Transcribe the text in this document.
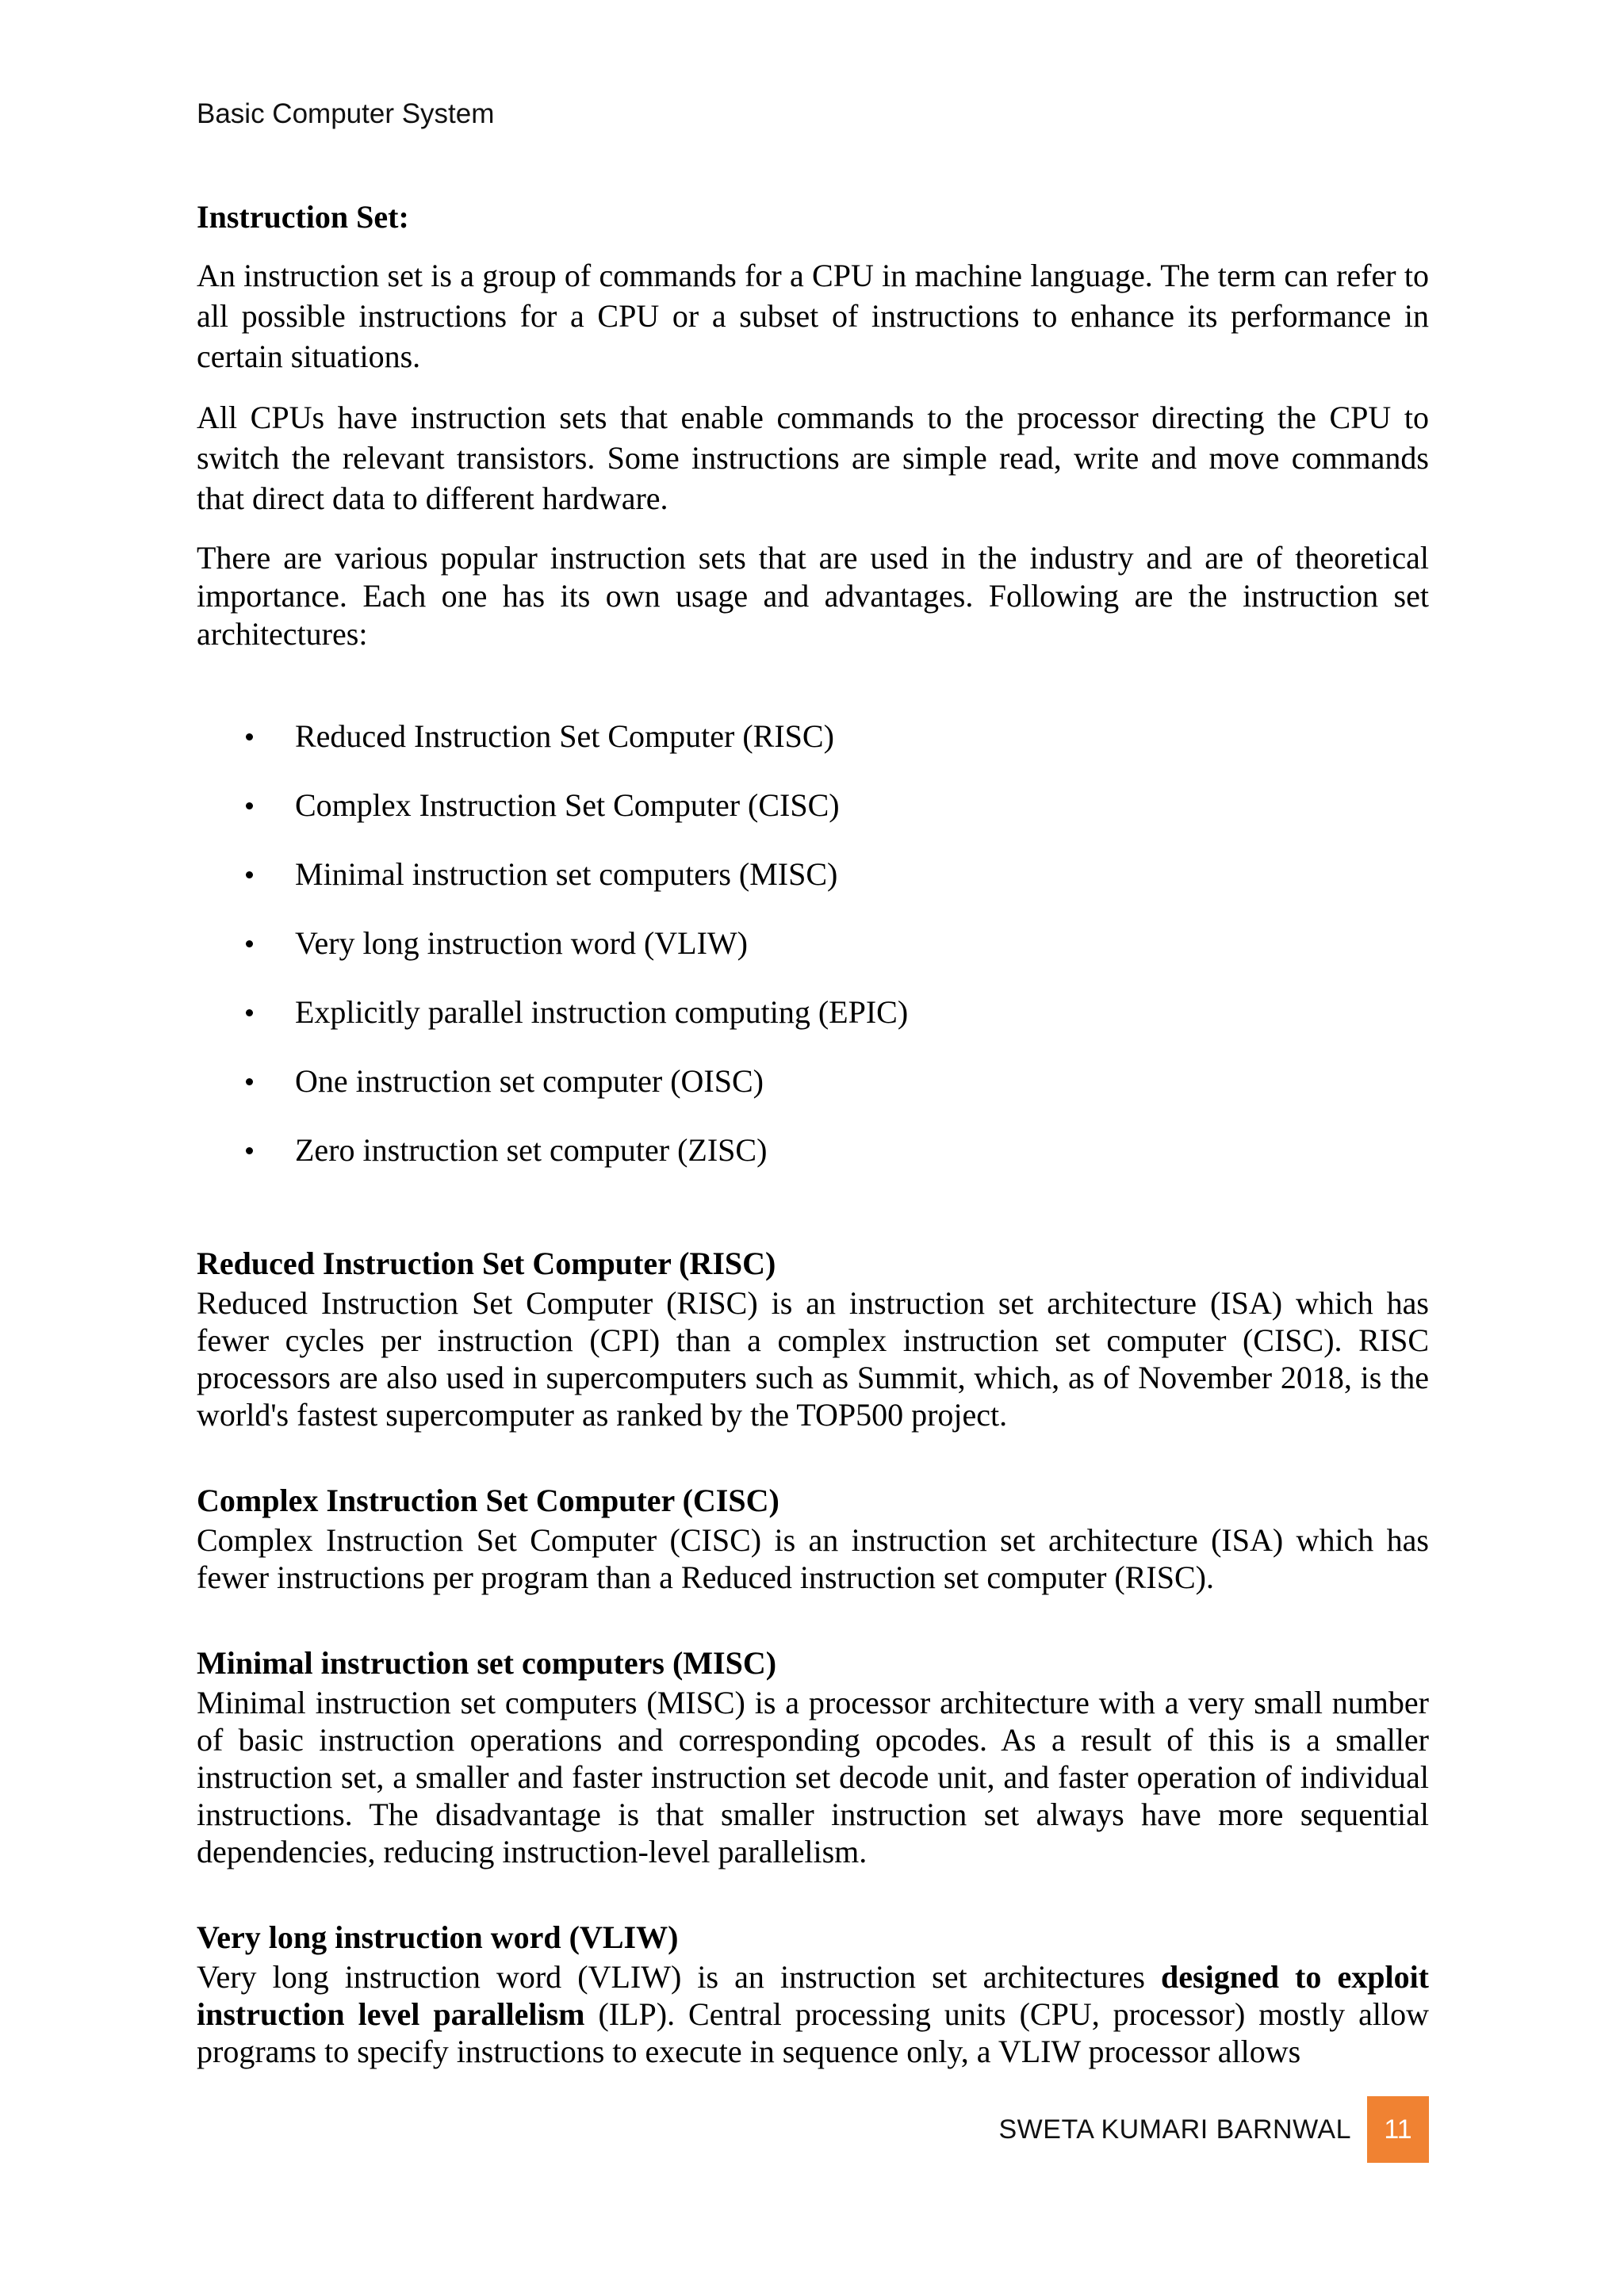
Basic Computer System
Instruction Set:

An instruction set is a group of commands for a CPU in machine language. The term can refer to all possible instructions for a CPU or a subset of instructions to enhance its performance in certain situations.

All CPUs have instruction sets that enable commands to the processor directing the CPU to switch the relevant transistors. Some instructions are simple read, write and move commands that direct data to different hardware.

There are various popular instruction sets that are used in the industry and are of theoretical importance. Each one has its own usage and advantages. Following are the instruction set architectures:

Reduced Instruction Set Computer (RISC)
Complex Instruction Set Computer (CISC)
Minimal instruction set computers (MISC)
Very long instruction word (VLIW)
Explicitly parallel instruction computing (EPIC)
One instruction set computer (OISC)
Zero instruction set computer (ZISC)
Reduced Instruction Set Computer (RISC)

Reduced Instruction Set Computer (RISC) is an instruction set architecture (ISA) which has fewer cycles per instruction (CPI) than a complex instruction set computer (CISC). RISC processors are also used in supercomputers such as Summit, which, as of November 2018, is the world's fastest supercomputer as ranked by the TOP500 project.

Complex Instruction Set Computer (CISC)

Complex Instruction Set Computer (CISC) is an instruction set architecture (ISA) which has fewer instructions per program than a Reduced instruction set computer (RISC).

Minimal instruction set computers (MISC)

Minimal instruction set computers (MISC) is a processor architecture with a very small number of basic instruction operations and corresponding opcodes. As a result of this is a smaller instruction set, a smaller and faster instruction set decode unit, and faster operation of individual instructions. The disadvantage is that smaller instruction set always have more sequential dependencies, reducing instruction-level parallelism.

Very long instruction word (VLIW)

Very long instruction word (VLIW) is an instruction set architectures designed to exploit instruction level parallelism (ILP). Central processing units (CPU, processor) mostly allow programs to specify instructions to execute in sequence only, a VLIW processor allows

SWETA KUMARI BARNWAL	11
